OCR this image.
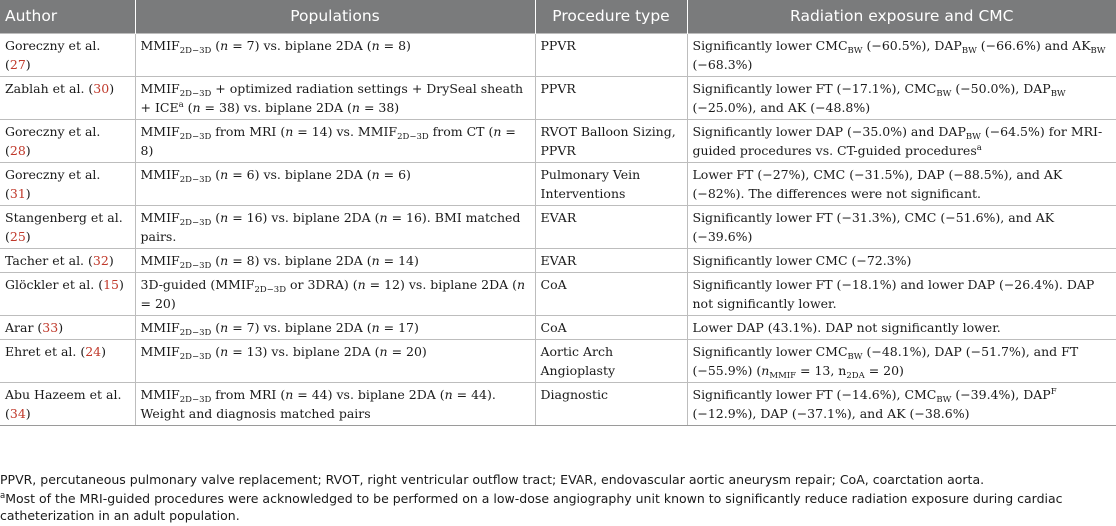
Author	Populations	Procedure type	Radiation exposure and CMC
Goreczny et al. (27)	$MMIF_{2D-3D}$ (n = 7) vs. biplane 2DA (n = 8)	PPVR	Significantly lower $CMC_{BW}$ (−60.5%), $DAP_{BW}$ (−66.6%) and $AK_{BW}$ (−68.3%)
Zablah et al. (30)	$MMIF_{2D-3D}$ + optimized radiation settings + DrySeal sheath + $ICE^a$ (n = 38) vs. biplane 2DA (n = 38)	PPVR	Significantly lower FT (−17.1%), $CMC_{BW}$ (−50.0%), $DAP_{BW}$ (−25.0%), and AK (−48.8%)
Goreczny et al. (28)	$MMIF_{2D-3D}$ from MRI (n = 14) vs. $MMIF_{2D-3D}$ from CT (n = 8)	RVOT Balloon Sizing, PPVR	Significantly lower DAP (−35.0%) and $DAP_{BW}$ (−64.5%) for MRI-guided procedures vs. CT-guided procedures$^a$
Goreczny et al. (31)	$MMIF_{2D-3D}$ (n = 6) vs. biplane 2DA (n = 6)	Pulmonary Vein Interventions	Lower FT (−27%), CMC (−31.5%), DAP (−88.5%), and AK (−82%). The differences were not significant.
Stangenberg et al. (25)	$MMIF_{2D-3D}$ (n = 16) vs. biplane 2DA (n = 16). BMI matched pairs.	EVAR	Significantly lower FT (−31.3%), CMC (−51.6%), and AK (−39.6%)
Tacher et al. (32)	$MMIF_{2D-3D}$ (n = 8) vs. biplane 2DA (n = 14)	EVAR	Significantly lower CMC (−72.3%)
Glöckler et al. (15)	3D-guided ($MMIF_{2D-3D}$ or 3DRA) (n = 12) vs. biplane 2DA (n = 20)	CoA	Significantly lower FT (−18.1%) and lower DAP (−26.4%). DAP not significantly lower.
Arar (33)	$MMIF_{2D-3D}$ (n = 7) vs. biplane 2DA (n = 17)	CoA	Lower DAP (43.1%). DAP not significantly lower.
Ehret et al. (24)	$MMIF_{2D-3D}$ (n = 13) vs. biplane 2DA (n = 20)	Aortic Arch Angioplasty	Significantly lower $CMC_{BW}$ (−48.1%), DAP (−51.7%), and FT (−55.9%) ($n_{MMIF} = 13$, $n_{2DA} = 20$)
Abu Hazeem et al. (34)	$MMIF_{2D-3D}$ from MRI (n = 44) vs. biplane 2DA (n = 44). Weight and diagnosis matched pairs	Diagnostic	Significantly lower FT (−14.6%), $CMC_{BW}$ (−39.4%), $DAP^F$ (−12.9%), DAP (−37.1%), and AK (−38.6%)

PPVR, percutaneous pulmonary valve replacement; RVOT, right ventricular outflow tract; EVAR, endovascular aortic aneurysm repair; CoA, coarctation aorta.

$^a$Most of the MRI-guided procedures were acknowledged to be performed on a low-dose angiography unit known to significantly reduce radiation exposure during cardiac catheterization in an adult population.
